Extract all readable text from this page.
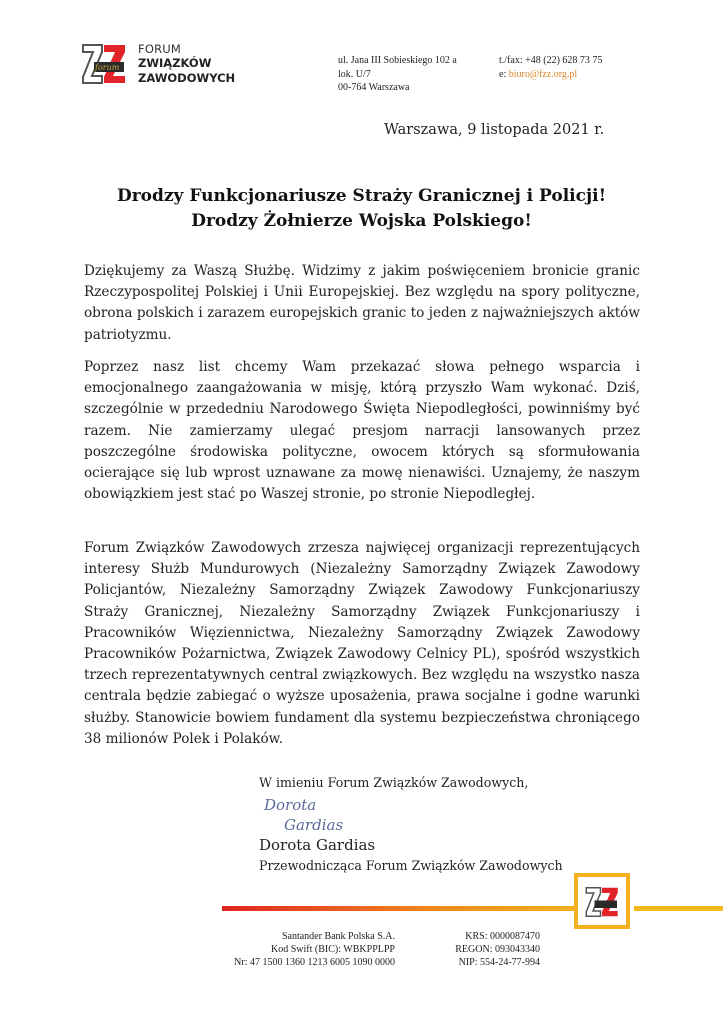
forum
FORUM
ZWIĄZKÓW
ZAWODOWYCH
ul. Jana III Sobieskiego 102 a
lok. U/7
00-764 Warszawa
t./fax: +48 (22) 628 73 75
e: biuro@fzz.org.pl
Warszawa, 9 listopada 2021 r.
Drodzy Funkcjonariusze Straży Granicznej i Policji!
Drodzy Żołnierze Wojska Polskiego!
Dziękujemy za Waszą Służbę. Widzimy z jakim poświęceniem bronicie granic Rzeczypospolitej Polskiej i Unii Europejskiej. Bez względu na spory polityczne, obrona polskich i zarazem europejskich granic to jeden z najważniejszych aktów patriotyzmu.
Poprzez nasz list chcemy Wam przekazać słowa pełnego wsparcia i emocjonalnego zaangażowania w misję, którą przyszło Wam wykonać. Dziś, szczególnie w przededniu Narodowego Święta Niepodległości, powinniśmy być razem. Nie zamierzamy ulegać presjom narracji lansowanych przez poszczególne środowiska polityczne, owocem których są sformułowania ocierające się lub wprost uznawane za mowę nienawiści. Uznajemy, że naszym obowiązkiem jest stać po Waszej stronie, po stronie Niepodległej.
Forum Związków Zawodowych zrzesza najwięcej organizacji reprezentujących interesy Służb Mundurowych (Niezależny Samorządny Związek Zawodowy Policjantów, Niezależny Samorządny Związek Zawodowy Funkcjonariuszy Straży Granicznej, Niezależny Samorządny Związek Funkcjonariuszy i Pracowników Więziennictwa, Niezależny Samorządny Związek Zawodowy Pracowników Pożarnictwa, Związek Zawodowy Celnicy PL), spośród wszystkich trzech reprezentatywnych central związkowych. Bez względu na wszystko nasza centrala będzie zabiegać o wyższe uposażenia, prawa socjalne i godne warunki służby. Stanowicie bowiem fundament dla systemu bezpieczeństwa chroniącego 38 milionów Polek i Polaków.
W imieniu Forum Związków Zawodowych,
Dorota
Gardias
Dorota Gardias
Przewodnicząca Forum Związków Zawodowych
Santander Bank Polska S.A.
Kod Swift (BIC): WBKPPLPP
Nr: 47 1500 1360 1213 6005 1090 0000
KRS: 0000087470
REGON: 093043340
NIP: 554-24-77-994
